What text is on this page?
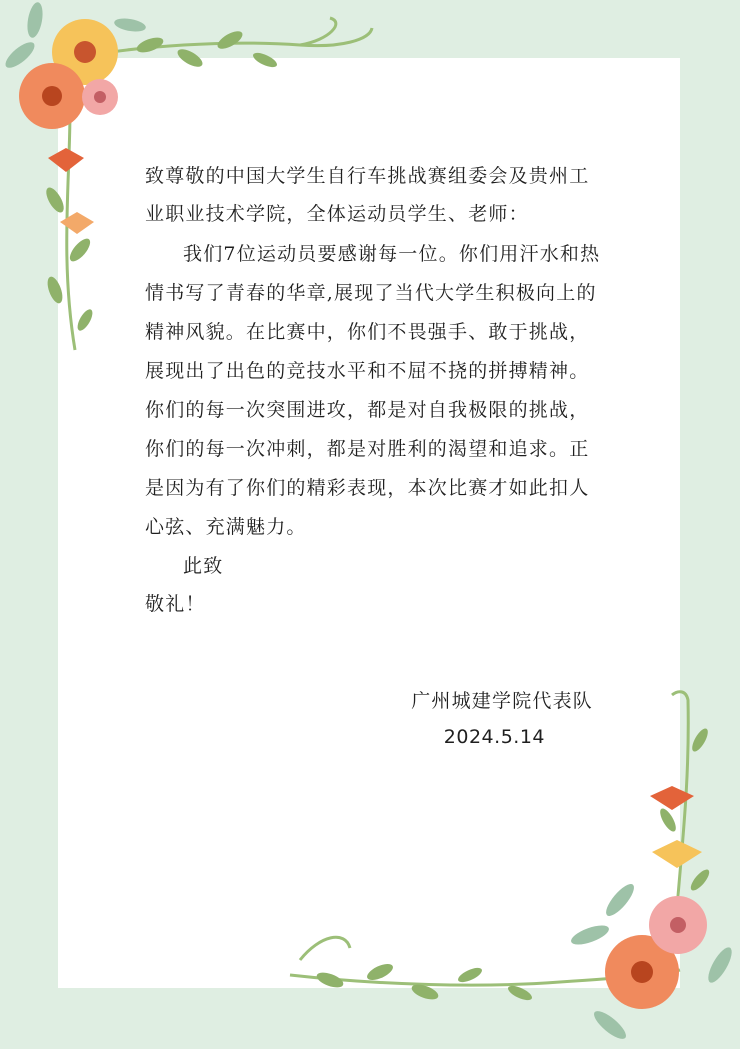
致尊敬的中国大学生自行车挑战赛组委会及贵州工业职业技术学院，全体运动员学生、老师：

我们7位运动员要感谢每一位。你们用汗水和热情书写了青春的华章,展现了当代大学生积极向上的精神风貌。在比赛中，你们不畏强手、敢于挑战，展现出了出色的竞技水平和不屈不挠的拼搏精神。你们的每一次突围进攻，都是对自我极限的挑战，你们的每一次冲刺，都是对胜利的渴望和追求。正是因为有了你们的精彩表现，本次比赛才如此扣人心弦、充满魅力。

此致

敬礼！

广州城建学院代表队
2024.5.14
